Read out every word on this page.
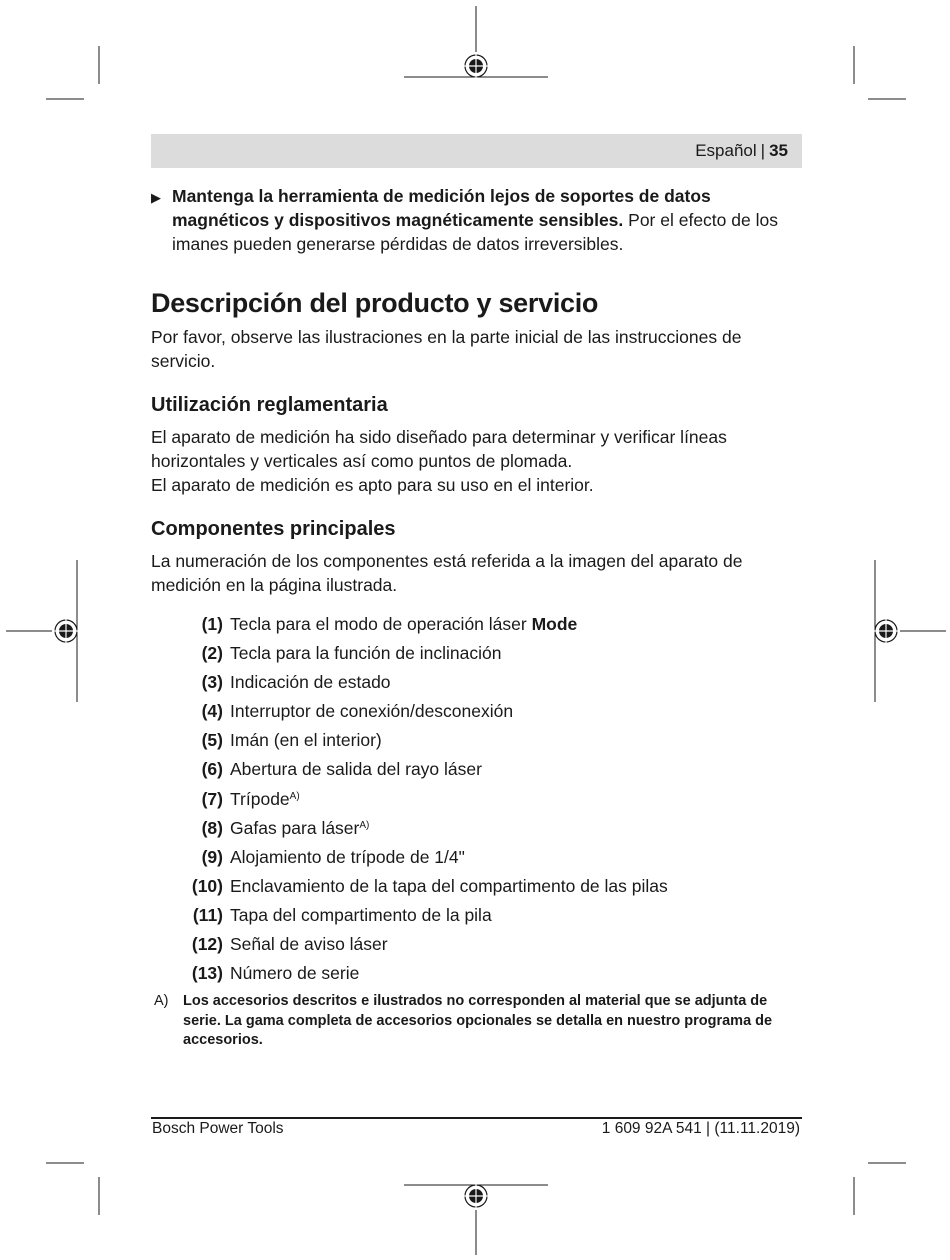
Español | 35
▶ Mantenga la herramienta de medición lejos de soportes de datos magnéticos y dispositivos magnéticamente sensibles. Por el efecto de los imanes pueden generarse pérdidas de datos irreversibles.
Descripción del producto y servicio

Por favor, observe las ilustraciones en la parte inicial de las instrucciones de servicio.

Utilización reglamentaria

El aparato de medición ha sido diseñado para determinar y verificar líneas horizontales y verticales así como puntos de plomada.

El aparato de medición es apto para su uso en el interior.

Componentes principales

La numeración de los componentes está referida a la imagen del aparato de medición en la página ilustrada.

(1) Tecla para el modo de operación láser Mode
(2) Tecla para la función de inclinación
(3) Indicación de estado
(4) Interruptor de conexión/desconexión
(5) Imán (en el interior)
(6) Abertura de salida del rayo láser
(7) Trípode$^{A)}$
(8) Gafas para láser$^{A)}$
(9) Alojamiento de trípode de 1/4"
(10) Enclavamiento de la tapa del compartimento de las pilas
(11) Tapa del compartimento de la pila
(12) Señal de aviso láser
(13) Número de serie
A) Los accesorios descritos e ilustrados no corresponden al material que se adjunta de serie. La gama completa de accesorios opcionales se detalla en nuestro programa de accesorios.
Bosch Power Tools	1 609 92A 541 | (11.11.2019)
